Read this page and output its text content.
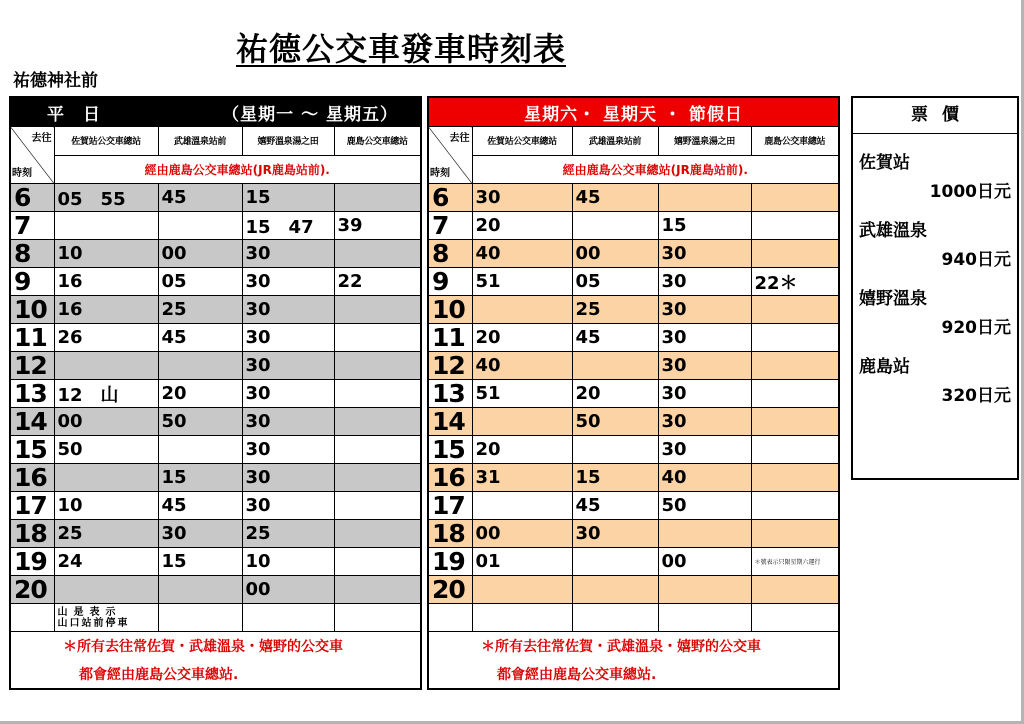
祐德公交車發車時刻表
祐德神社前
平　日 （星期一 ～ 星期五）				

去往
時刻	佐賀站公交車總站	武雄溫泉站前	嬉野溫泉湯之田	鹿島公交車總站
	經由鹿島公交車總站(JR鹿島站前).			
6	05　55	45	15	
7			15　47	39
8	10	00	30	
9	16	05	30	22
10	16	25	30	
11	26	45	30	
12			30	
13	12　山	20	30	
14	00	50	30	
15	50		30	
16		15	30	
17	10	45	30	
18	25	30	25	
19	24	15	10	
20			00	

	山是表示
山口站前停車			

＊所有去往常佐賀・武雄溫泉・嬉野的公交車				
都會經由鹿島公交車總站.				
星期六・ 星期天 ・ 節假日				

去往
時刻	佐賀站公交車總站	武雄溫泉站前	嬉野溫泉湯之田	鹿島公交車總站
	經由鹿島公交車總站(JR鹿島站前).			
6	30	45		
7	20		15	
8	40	00	30	
9	51	05	30	22＊
10		25	30	
11	20	45	30	
12	40		30	
13	51	20	30	
14		50	30	
15	20		30	
16	31	15	40	
17		45	50	
18	00	30		
19	01		00	＊號表示只限星期六運行
20				

＊所有去往常佐賀・武雄溫泉・嬉野的公交車				
都會經由鹿島公交車總站.				
票價
佐賀站
1000日元
武雄溫泉
940日元
嬉野溫泉
920日元
鹿島站
320日元
